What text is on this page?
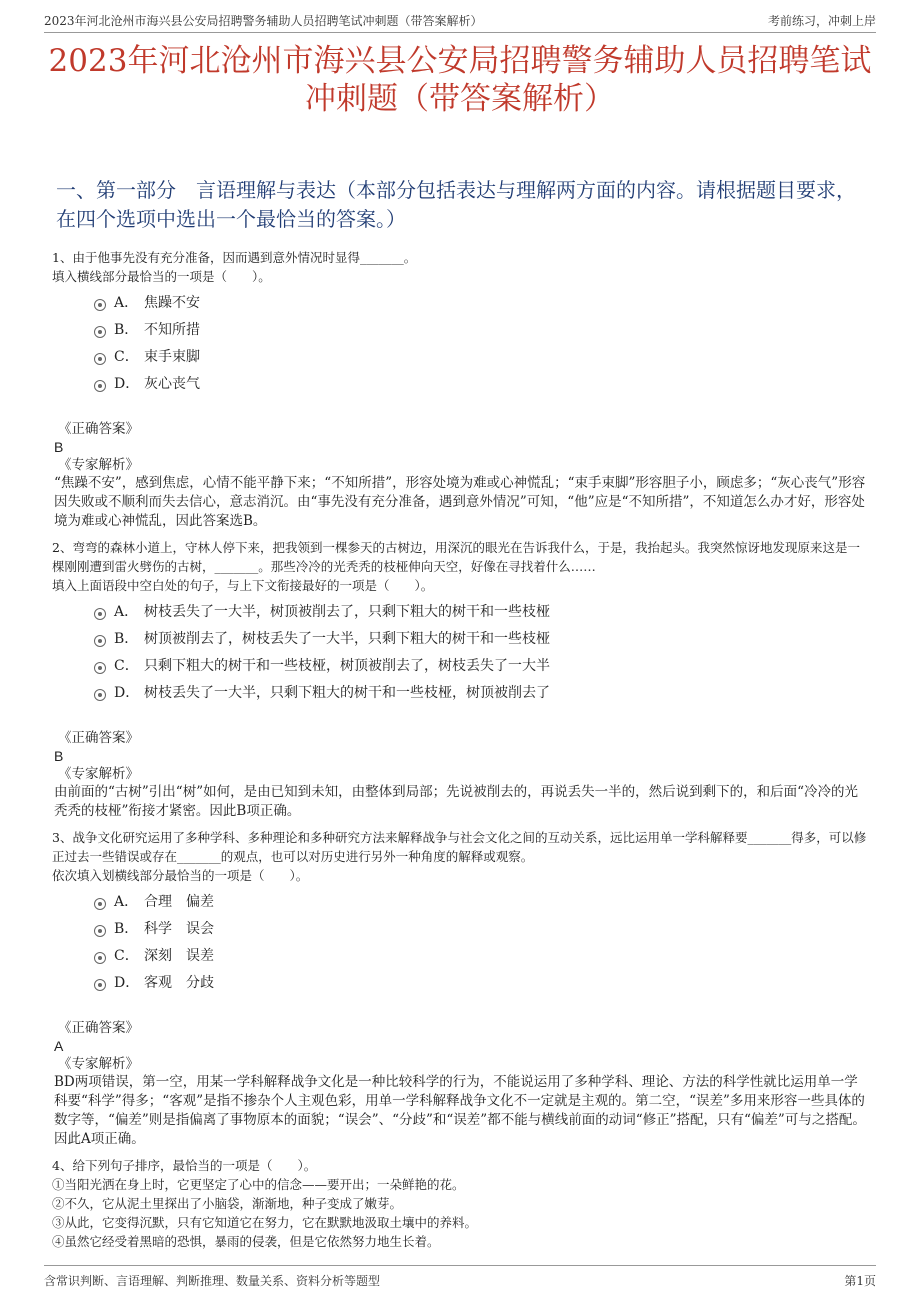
2023年河北沧州市海兴县公安局招聘警务辅助人员招聘笔试冲刺题（带答案解析）	考前练习，冲刺上岸
2023年河北沧州市海兴县公安局招聘警务辅助人员招聘笔试冲刺题（带答案解析）
一、第一部分　言语理解与表达（本部分包括表达与理解两方面的内容。请根据题目要求，在四个选项中选出一个最恰当的答案。）

1、由于他事先没有充分准备，因而遇到意外情况时显得_______。

填入横线部分最恰当的一项是（　　）。

A． 焦躁不安
B． 不知所措
C． 束手束脚
D． 灰心丧气
《正确答案》
B
《专家解析》

“焦躁不安”，感到焦虑，心情不能平静下来；“不知所措”，形容处境为难或心神慌乱；“束手束脚”形容胆子小，顾虑多；“灰心丧气”形容因失败或不顺利而失去信心，意志消沉。由“事先没有充分准备，遇到意外情况”可知，“他”应是“不知所措”，不知道怎么办才好，形容处境为难或心神慌乱，因此答案选B。

2、弯弯的森林小道上，守林人停下来，把我领到一棵参天的古树边，用深沉的眼光在告诉我什么，于是，我抬起头。我突然惊讶地发现原来这是一棵刚刚遭到雷火劈伤的古树，_______。那些冷冷的光秃秃的枝桠伸向天空，好像在寻找着什么……

填入上面语段中空白处的句子，与上下文衔接最好的一项是（　　）。

A． 树枝丢失了一大半，树顶被削去了，只剩下粗大的树干和一些枝桠
B． 树顶被削去了，树枝丢失了一大半，只剩下粗大的树干和一些枝桠
C． 只剩下粗大的树干和一些枝桠，树顶被削去了，树枝丢失了一大半
D． 树枝丢失了一大半，只剩下粗大的树干和一些枝桠，树顶被削去了
《正确答案》
B
《专家解析》

由前面的“古树”引出“树”如何，是由已知到未知，由整体到局部；先说被削去的，再说丢失一半的，然后说到剩下的，和后面“冷冷的光秃秃的枝桠”衔接才紧密。因此B项正确。

3、战争文化研究运用了多种学科、多种理论和多种研究方法来解释战争与社会文化之间的互动关系，远比运用单一学科解释要_______得多，可以修正过去一些错误或存在_______的观点，也可以对历史进行另外一种角度的解释或观察。

依次填入划横线部分最恰当的一项是（　　）。

A． 合理　偏差
B． 科学　误会
C． 深刻　误差
D． 客观　分歧
《正确答案》
A
《专家解析》

BD两项错误，第一空，用某一学科解释战争文化是一种比较科学的行为，不能说运用了多种学科、理论、方法的科学性就比运用单一学科要“科学”得多；“客观”是指不掺杂个人主观色彩，用单一学科解释战争文化不一定就是主观的。第二空，“误差”多用来形容一些具体的数字等，“偏差”则是指偏离了事物原本的面貌；“误会”、“分歧”和“误差”都不能与横线前面的动词“修正”搭配，只有“偏差”可与之搭配。因此A项正确。

4、给下列句子排序，最恰当的一项是（　　）。

①当阳光洒在身上时，它更坚定了心中的信念——要开出；一朵鲜艳的花。

②不久，它从泥土里探出了小脑袋，渐渐地，种子变成了嫩芽。

③从此，它变得沉默，只有它知道它在努力，它在默默地汲取土壤中的养料。

④虽然它经受着黑暗的恐惧，暴雨的侵袭，但是它依然努力地生长着。

含常识判断、言语理解、判断推理、数量关系、资料分析等题型	第1页
